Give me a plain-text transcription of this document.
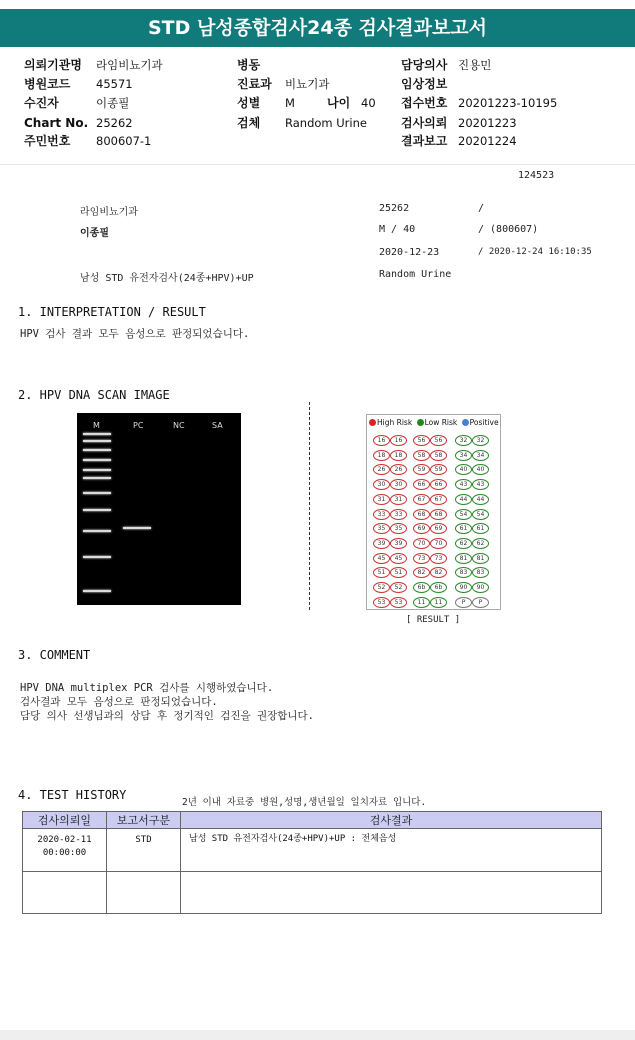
STD 남성종합검사24종 검사결과보고서
의뢰기관명 라임비뇨기과
병원코드 45571
수진자	이종필
Chart No. 25262
주민번호 800607-1
병동
진료과 비뇨기과
성별 M	나이 40
검체 Random Urine
담당의사 진용민
임상정보
접수번호 20201223-10195
검사의뢰 20201223
결과보고 20201224
124523
라임비뇨기과	25262	/
이종필	M / 40	/ (800607)
2020-12-23	/ 2020-12-24 16:10:35
남성 STD 유전자검사(24종+HPV)+UP	Random Urine
1. INTERPRETATION / RESULT
HPV 검사 결과 모두 음성으로 판정되었습니다.
2. HPV DNA SCAN IMAGE
M	PC	NC	SA	High Risk Low Risk Positive
16	16	56	56	32	32
18	18	58	58	34	34
26	26	59	59	40	40
30	30	66	66	43	43
31	31	67	67	44	44
33	33	68	68	54	54
35	35	69	69	61	61
39	39	70	70	62	62
45	45	73	73	81	81
51	51	82	82	83	83
52	52	6b	6b	90	90
53	53	11	11	P	P
[ RESULT ]
3. COMMENT
HPV DNA multiplex PCR 검사를 시행하였습니다.
검사결과 모두 음성으로 판정되었습니다.
담당 의사 선생님과의 상담 후 정기적인 검진을 권장합니다.
4. TEST HISTORY
2년 이내 자료중 병원,성명,생년월일 일치자료 입니다.
검사의뢰일	보고서구분	검사결과

2020-02-11
00:00:00	STD	남성 STD 유전자검사(24종+HPV)+UP : 전체음성
